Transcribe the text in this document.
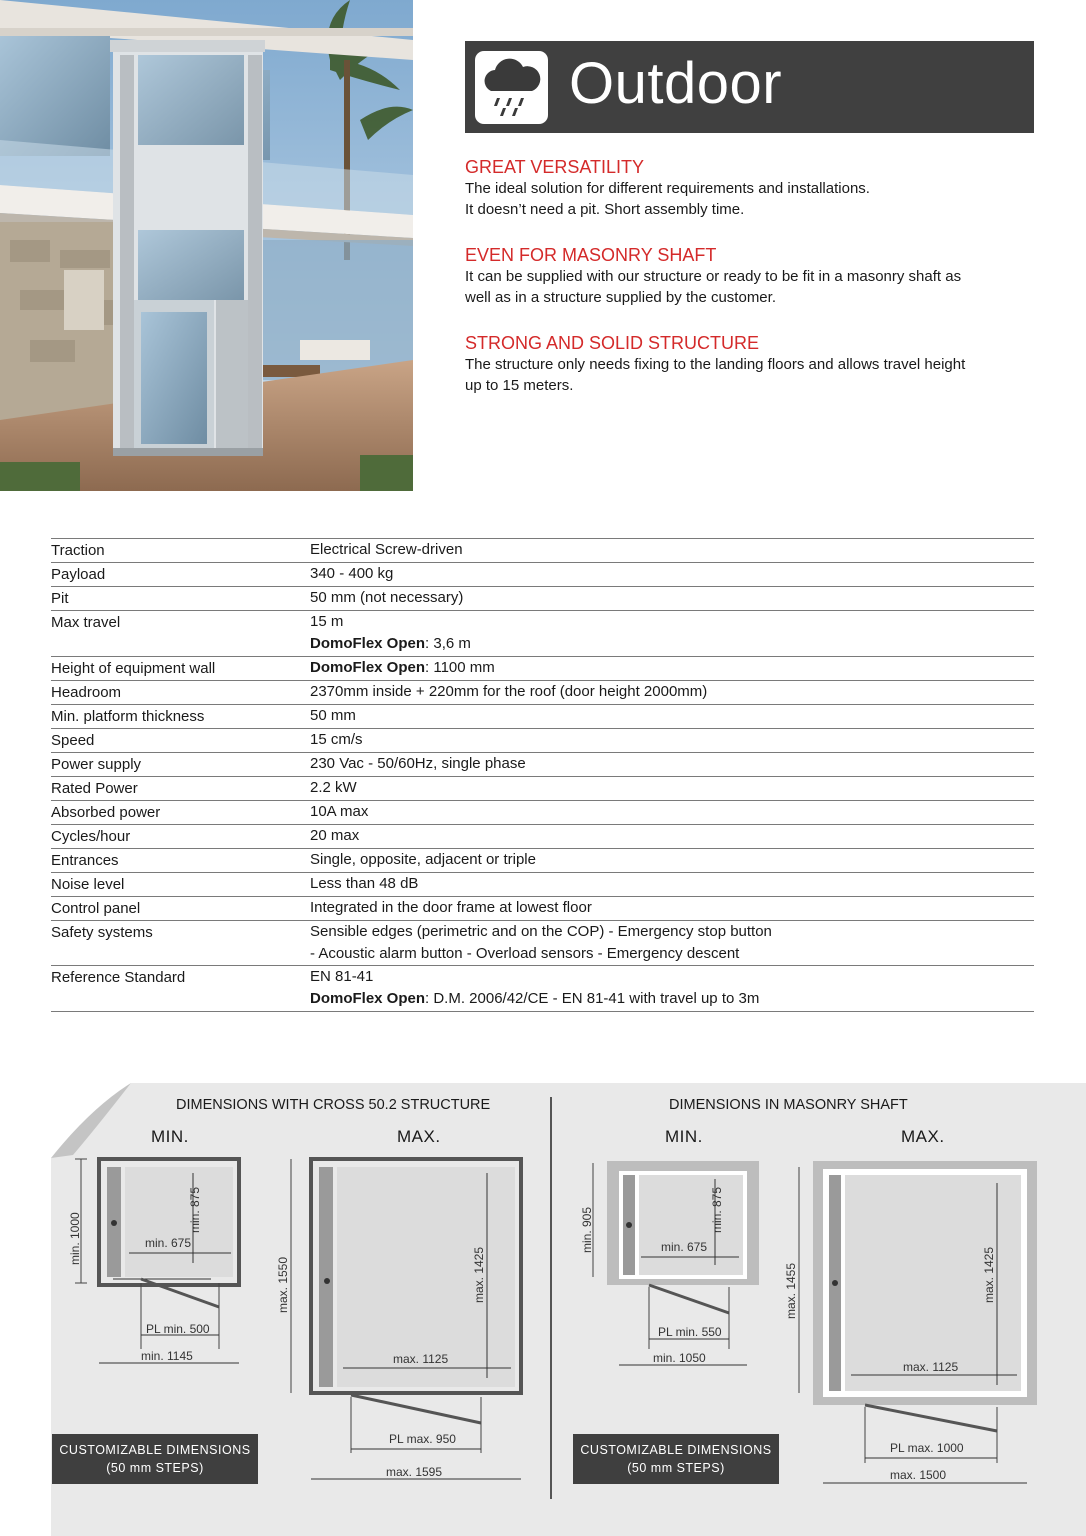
Outdoor
GREAT VERSATILITY

The ideal solution for different requirements and installations.
It doesn’t need a pit. Short assembly time.

EVEN FOR MASONRY SHAFT

It can be supplied with our structure or ready to be fit in a masonry shaft as
well as in a structure supplied by the customer.

STRONG AND SOLID STRUCTURE

The structure only needs fixing to the landing floors and allows travel height
up to 15 meters.

Traction	Electrical Screw-driven
Payload	340 - 400 kg
Pit	50 mm (not necessary)
Max travel	15 m
DomoFlex Open: 3,6 m
Height of equipment wall	DomoFlex Open: 1100 mm
Headroom	2370mm inside + 220mm for the roof (door height 2000mm)
Min. platform thickness	50 mm
Speed	15 cm/s
Power supply	230 Vac - 50/60Hz, single phase
Rated Power	2.2 kW
Absorbed power	10A max
Cycles/hour	20 max
Entrances	Single, opposite, adjacent or triple
Noise level	Less than 48 dB
Control panel	Integrated in the door frame at lowest floor
Safety systems	Sensible edges (perimetric and on the COP) - Emergency stop button
- Acoustic alarm button - Overload sensors - Emergency descent
Reference Standard	EN 81-41
DomoFlex Open: D.M. 2006/42/CE - EN 81-41 with travel up to 3m
DIMENSIONS WITH CROSS 50.2 STRUCTURE
MIN.	MAX.
DIMENSIONS IN MASONRY SHAFT
MIN.	MAX.
min. 1000
min. 875
min. 675
PL min. 500
min. 1145
max. 1550	max. 1425
max. 1125
PL max. 950
max. 1595
min. 905	min. 875
min. 675
PL min. 550
min. 1050
max. 1455	max. 1425
max. 1125
PL max. 1000
max. 1500
CUSTOMIZABLE DIMENSIONS
(50 mm STEPS)
CUSTOMIZABLE DIMENSIONS
(50 mm STEPS)
